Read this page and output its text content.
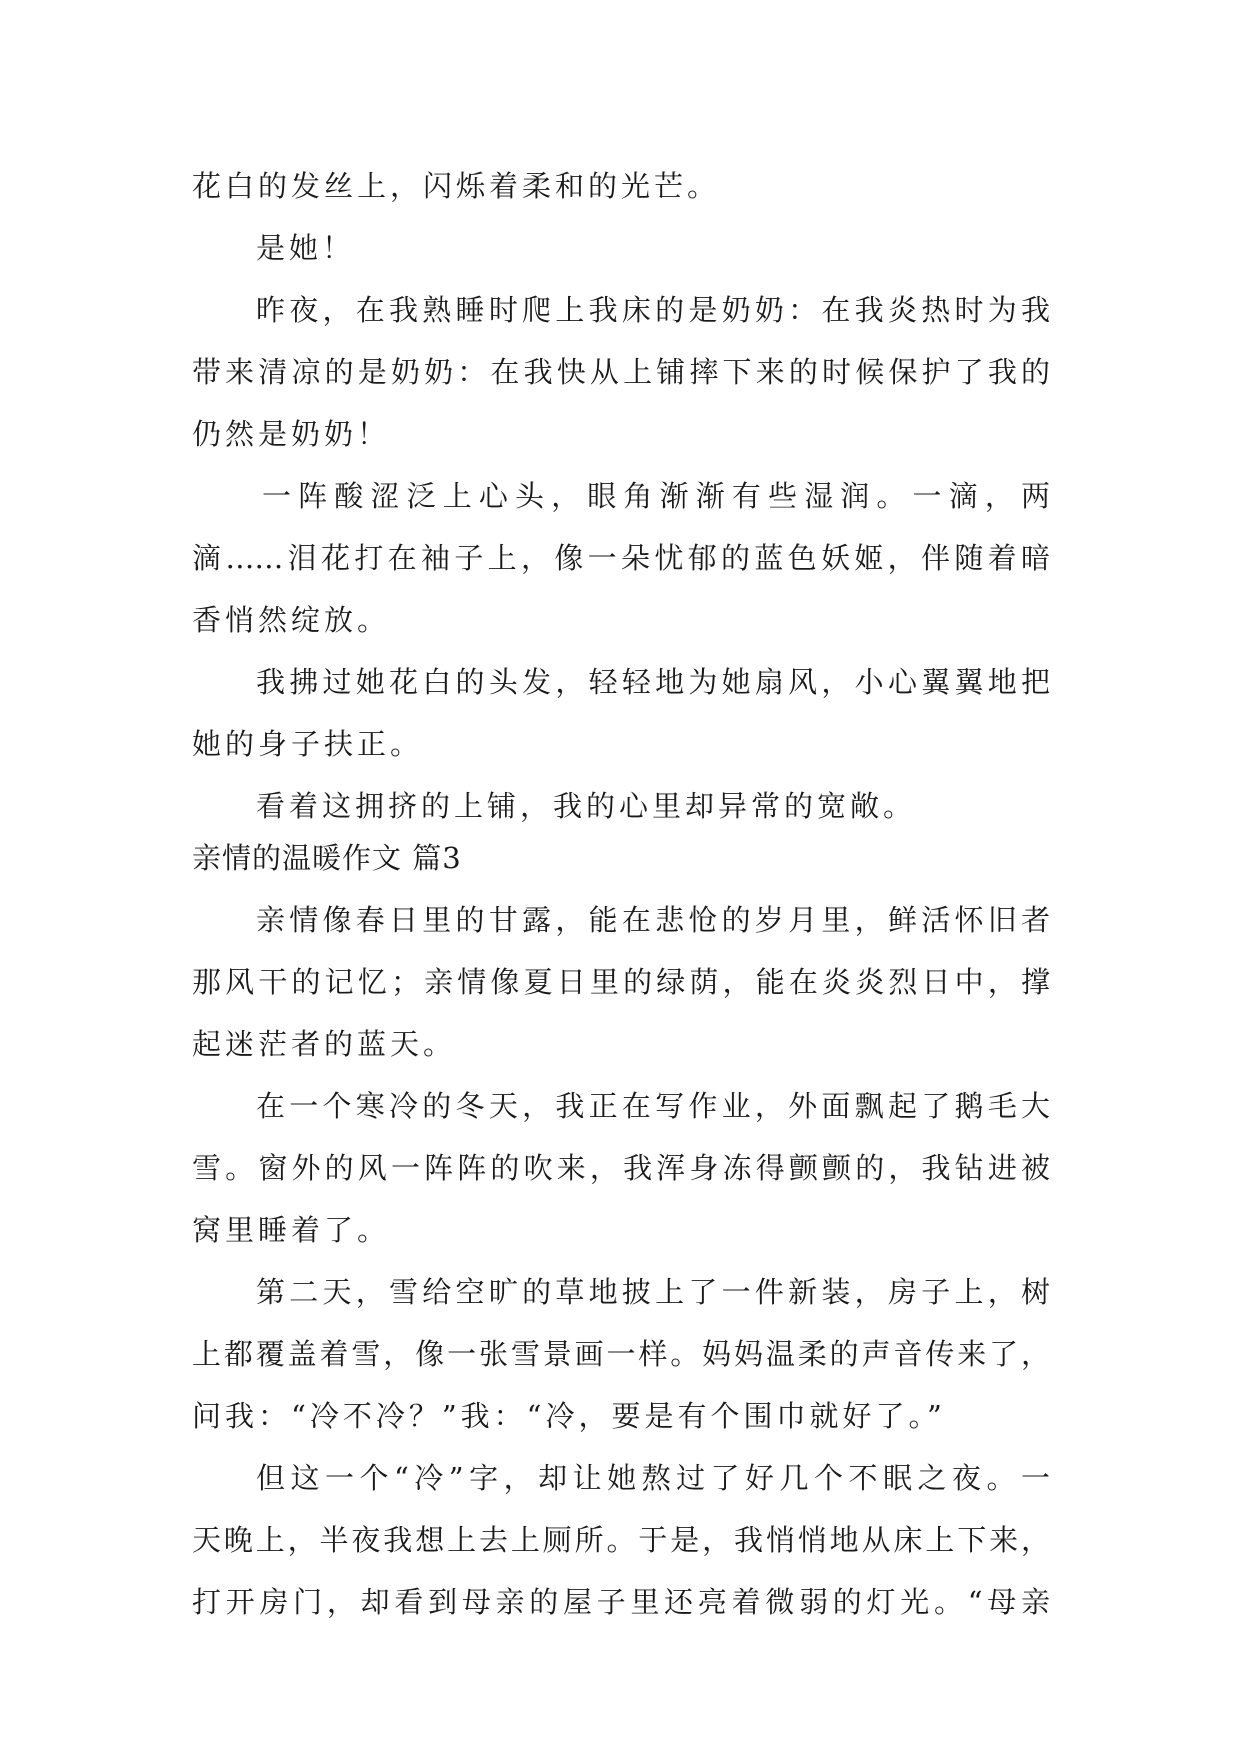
花白的发丝上，闪烁着柔和的光芒。
是她！
昨夜，在我熟睡时爬上我床的是奶奶：在我炎热时为我
带来清凉的是奶奶：在我快从上铺摔下来的时候保护了我的
仍然是奶奶！
一阵酸涩泛上心头，眼角渐渐有些湿润。一滴，两
滴……泪花打在袖子上，像一朵忧郁的蓝色妖姬，伴随着暗
香悄然绽放。
我拂过她花白的头发，轻轻地为她扇风，小心翼翼地把
她的身子扶正。
看着这拥挤的上铺，我的心里却异常的宽敞。
亲情的温暖作文 篇3
亲情像春日里的甘露，能在悲怆的岁月里，鲜活怀旧者
那风干的记忆；亲情像夏日里的绿荫，能在炎炎烈日中，撑
起迷茫者的蓝天。
在一个寒冷的冬天，我正在写作业，外面飘起了鹅毛大
雪。窗外的风一阵阵的吹来，我浑身冻得颤颤的，我钻进被
窝里睡着了。
第二天，雪给空旷的草地披上了一件新装，房子上，树
上都覆盖着雪，像一张雪景画一样。妈妈温柔的声音传来了，
问我：“冷不冷？”我：“冷，要是有个围巾就好了。”
但这一个“冷”字，却让她熬过了好几个不眠之夜。一
天晚上，半夜我想上去上厕所。于是，我悄悄地从床上下来，
打开房门，却看到母亲的屋子里还亮着微弱的灯光。“母亲
